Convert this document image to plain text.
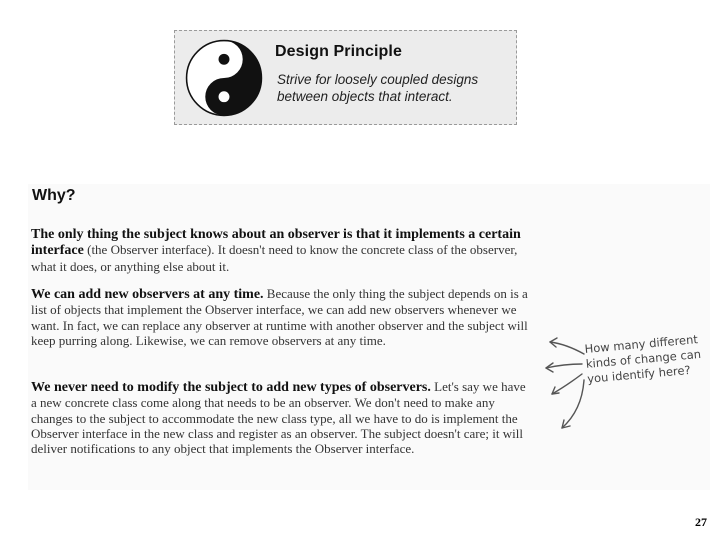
Design Principle
Strive for loosely coupled designs between objects that interact.
Why?

The only thing the subject knows about an observer is that it implements a certain interface (the Observer interface). It doesn't need to know the concrete class of the observer, what it does, or anything else about it.

We can add new observers at any time. Because the only thing the subject depends on is a list of objects that implement the Observer interface, we can add new observers whenever we want. In fact, we can replace any observer at runtime with another observer and the subject will keep purring along. Likewise, we can remove observers at any time.

We never need to modify the subject to add new types of observers. Let's say we have a new concrete class come along that needs to be an observer. We don't need to make any changes to the subject to accommodate the new class type, all we have to do is implement the Observer interface in the new class and register as an observer. The subject doesn't care; it will deliver notifications to any object that implements the Observer interface.

How many different kinds of change can you identify here?
27
